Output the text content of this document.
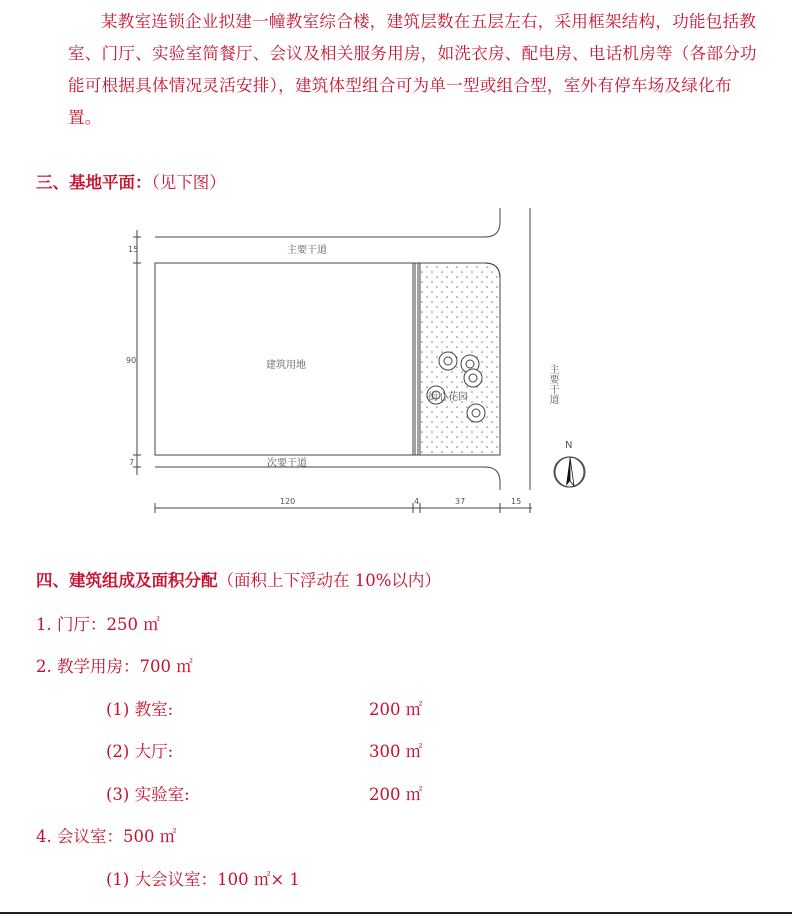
某教室连锁企业拟建一幢教室综合楼，建筑层数在五层左右，采用框架结构，功能包括教室、门厅、实验室简餐厅、会议及相关服务用房，如洗衣房、配电房、电话机房等（各部分功能可根据具体情况灵活安排），建筑体型组合可为单一型或组合型，室外有停车场及绿化布置。

三、基地平面：（见下图）
主要干道
主要干道
建筑用地
街心花园
次要干道
15
90
7
120	4	37	15
N
四、建筑组成及面积分配（面积上下浮动在 10%以内）
1. 门厅：250 ㎡
2. 教学用房：700 ㎡
(1) 教室:	200 ㎡
(2) 大厅:	300 ㎡
(3) 实验室:	200 ㎡
4. 会议室：500 ㎡
(1) 大会议室：100 ㎡× 1
